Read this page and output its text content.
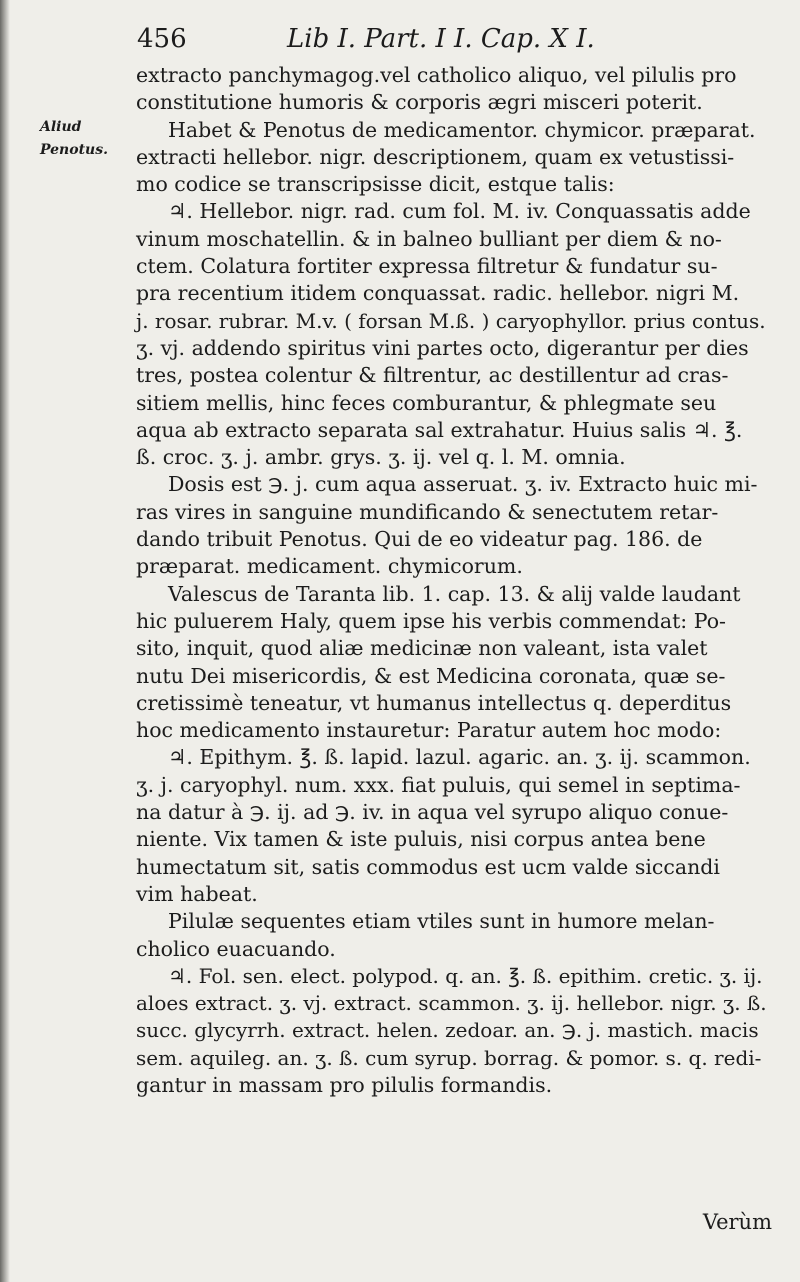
456	Lib I. Part. I I. Cap. X I.
Aliud
Penotus.
extracto panchymagog.vel catholico aliquo, vel pilulis pro
constitutione humoris & corporis ægri misceri poterit.
Habet & Penotus de medicamentor. chymicor. præparat.
extracti hellebor. nigr. descriptionem, quam ex vetustissi-
mo codice se transcripsisse dicit, estque talis:
♃. Hellebor. nigr. rad. cum fol. M. iv. Conquassatis adde
vinum moschatellin. & in balneo bulliant per diem & no-
ctem. Colatura fortiter expressa filtretur & fundatur su-
pra recentium itidem conquassat. radic. hellebor. nigri M.
j. rosar. rubrar. M.v. ( forsan M.ß. ) caryophyllor. prius contus.
ʒ. vj. addendo spiritus vini partes octo, digerantur per dies
tres, postea colentur & filtrentur, ac destillentur ad cras-
sitiem mellis, hinc feces comburantur, & phlegmate seu
aqua ab extracto separata sal extrahatur. Huius salis ♃. ℥.
ß. croc. ʒ. j. ambr. grys. ʒ. ij. vel q. l. M. omnia.
Dosis est ℈. j. cum aqua asseruat. ʒ. iv. Extracto huic mi-
ras vires in sanguine mundificando & senectutem retar-
dando tribuit Penotus. Qui de eo videatur pag. 186. de
præparat. medicament. chymicorum.
Valescus de Taranta lib. 1. cap. 13. & alij valde laudant
hic puluerem Haly, quem ipse his verbis commendat: Po-
sito, inquit, quod aliæ medicinæ non valeant, ista valet
nutu Dei misericordis, & est Medicina coronata, quæ se-
cretissimè teneatur, vt humanus intellectus q. deperditus
hoc medicamento instauretur: Paratur autem hoc modo:
♃. Epithym. ℥. ß. lapid. lazul. agaric. an. ʒ. ij. scammon.
ʒ. j. caryophyl. num. xxx. fiat puluis, qui semel in septima-
na datur à ℈. ij. ad ℈. iv. in aqua vel syrupo aliquo conue-
niente. Vix tamen & iste puluis, nisi corpus antea bene
humectatum sit, satis commodus est ucm valde siccandi
vim habeat.
Pilulæ sequentes etiam vtiles sunt in humore melan-
cholico euacuando.
♃. Fol. sen. elect. polypod. q. an. ℥. ß. epithim. cretic. ʒ. ij.
aloes extract. ʒ. vj. extract. scammon. ʒ. ij. hellebor. nigr. ʒ. ß.
succ. glycyrrh. extract. helen. zedoar. an. ℈. j. mastich. macis
sem. aquileg. an. ʒ. ß. cum syrup. borrag. & pomor. s. q. redi-
gantur in massam pro pilulis formandis.
Verùm
